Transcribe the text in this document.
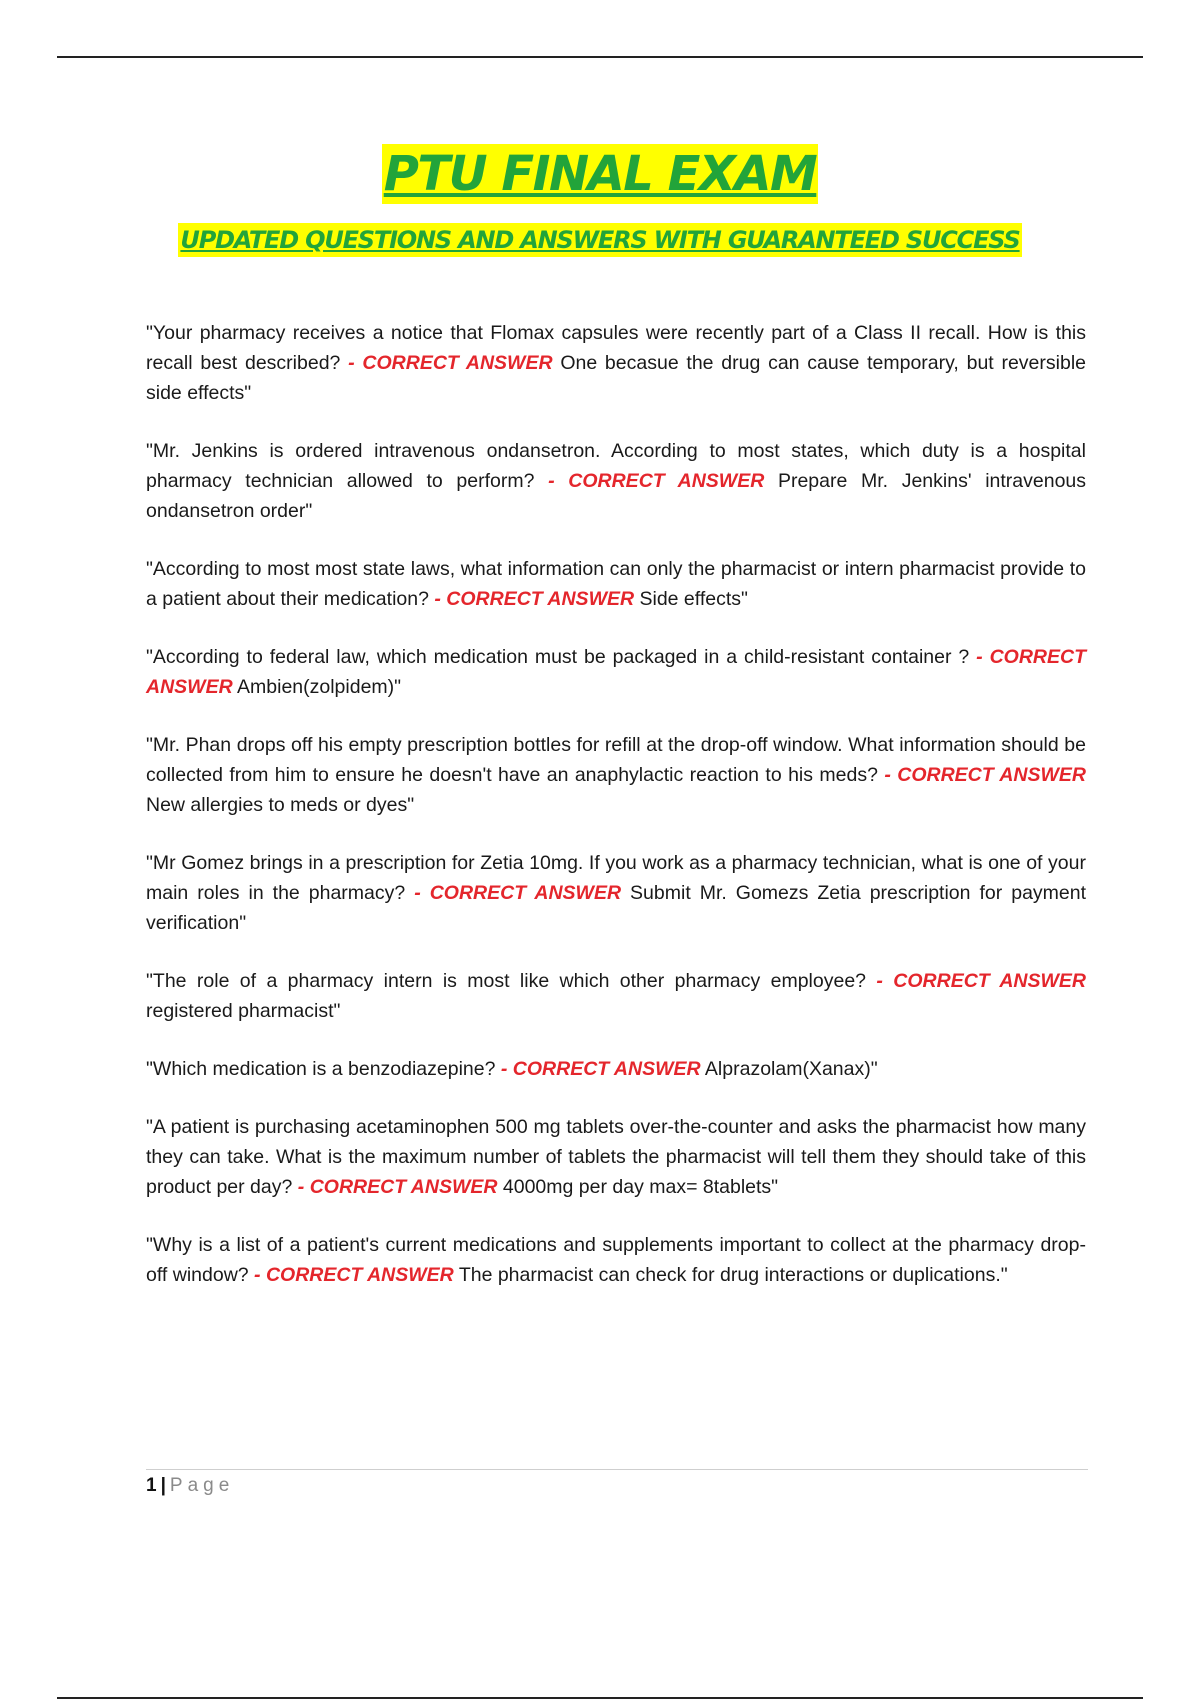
PTU FINAL EXAM
UPDATED QUESTIONS AND ANSWERS WITH GUARANTEED SUCCESS

"Your pharmacy receives a notice that Flomax capsules were recently part of a Class II recall. How is this recall best described? - CORRECT ANSWER One becasue the drug can cause temporary, but reversible side effects"

"Mr. Jenkins is ordered intravenous ondansetron. According to most states, which duty is a hospital pharmacy technician allowed to perform? - CORRECT ANSWER Prepare Mr. Jenkins' intravenous ondansetron order"

"According to most most state laws, what information can only the pharmacist or intern pharmacist provide to a patient about their medication? - CORRECT ANSWER Side effects"

"According to federal law, which medication must be packaged in a child-resistant container ? - CORRECT ANSWER Ambien(zolpidem)"

"Mr. Phan drops off his empty prescription bottles for refill at the drop-off window. What information should be collected from him to ensure he doesn't have an anaphylactic reaction to his meds? - CORRECT ANSWER New allergies to meds or dyes"

"Mr Gomez brings in a prescription for Zetia 10mg. If you work as a pharmacy technician, what is one of your main roles in the pharmacy? - CORRECT ANSWER Submit Mr. Gomezs Zetia prescription for payment verification"

"The role of a pharmacy intern is most like which other pharmacy employee? - CORRECT ANSWER registered pharmacist"

"Which medication is a benzodiazepine? - CORRECT ANSWER Alprazolam(Xanax)"

"A patient is purchasing acetaminophen 500 mg tablets over-the-counter and asks the pharmacist how many they can take. What is the maximum number of tablets the pharmacist will tell them they should take of this product per day? - CORRECT ANSWER 4000mg per day max= 8tablets"

"Why is a list of a patient's current medications and supplements important to collect at the pharmacy drop-off window? - CORRECT ANSWER The pharmacist can check for drug interactions or duplications."

1 | Page
